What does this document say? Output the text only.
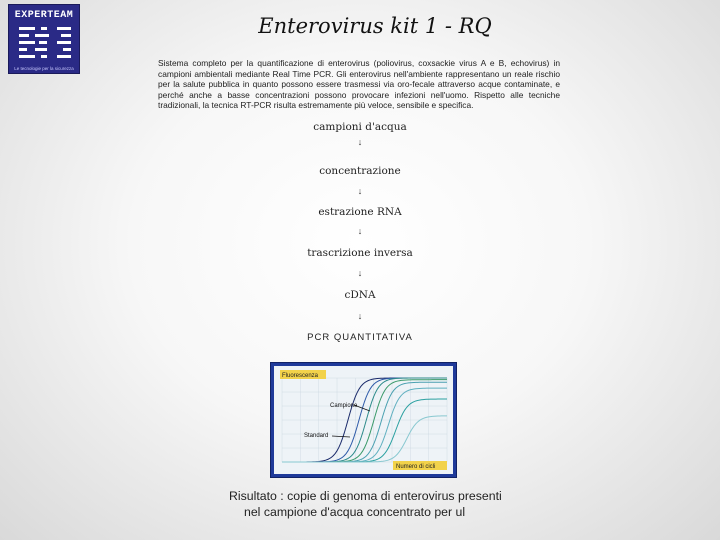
EXPERTEAM
Le tecnologie per la sicurezza
Enterovirus kit 1 - RQ
Sistema completo per la quantificazione di enterovirus (poliovirus, coxsackie virus A e B, echovirus) in campioni ambientali mediante Real Time PCR. Gli enterovirus nell'ambiente rappresentano un reale rischio per la salute pubblica in quanto possono essere trasmessi via oro-fecale attraverso acque contaminate, e perché anche a basse concentrazioni possono provocare infezioni nell'uomo. Rispetto alle tecniche tradizionali, la tecnica RT-PCR risulta estremamente più veloce, sensibile e specifica.
campioni d'acqua
↓
concentrazione
↓
estrazione RNA
↓
trascrizione inversa
↓
cDNA
↓
PCR QUANTITATIVA
Fluorescenza
Campione
Standard
Numero di cicli
Risultato : copie di genoma di enterovirus presenti
nel campione d'acqua concentrato per ul
